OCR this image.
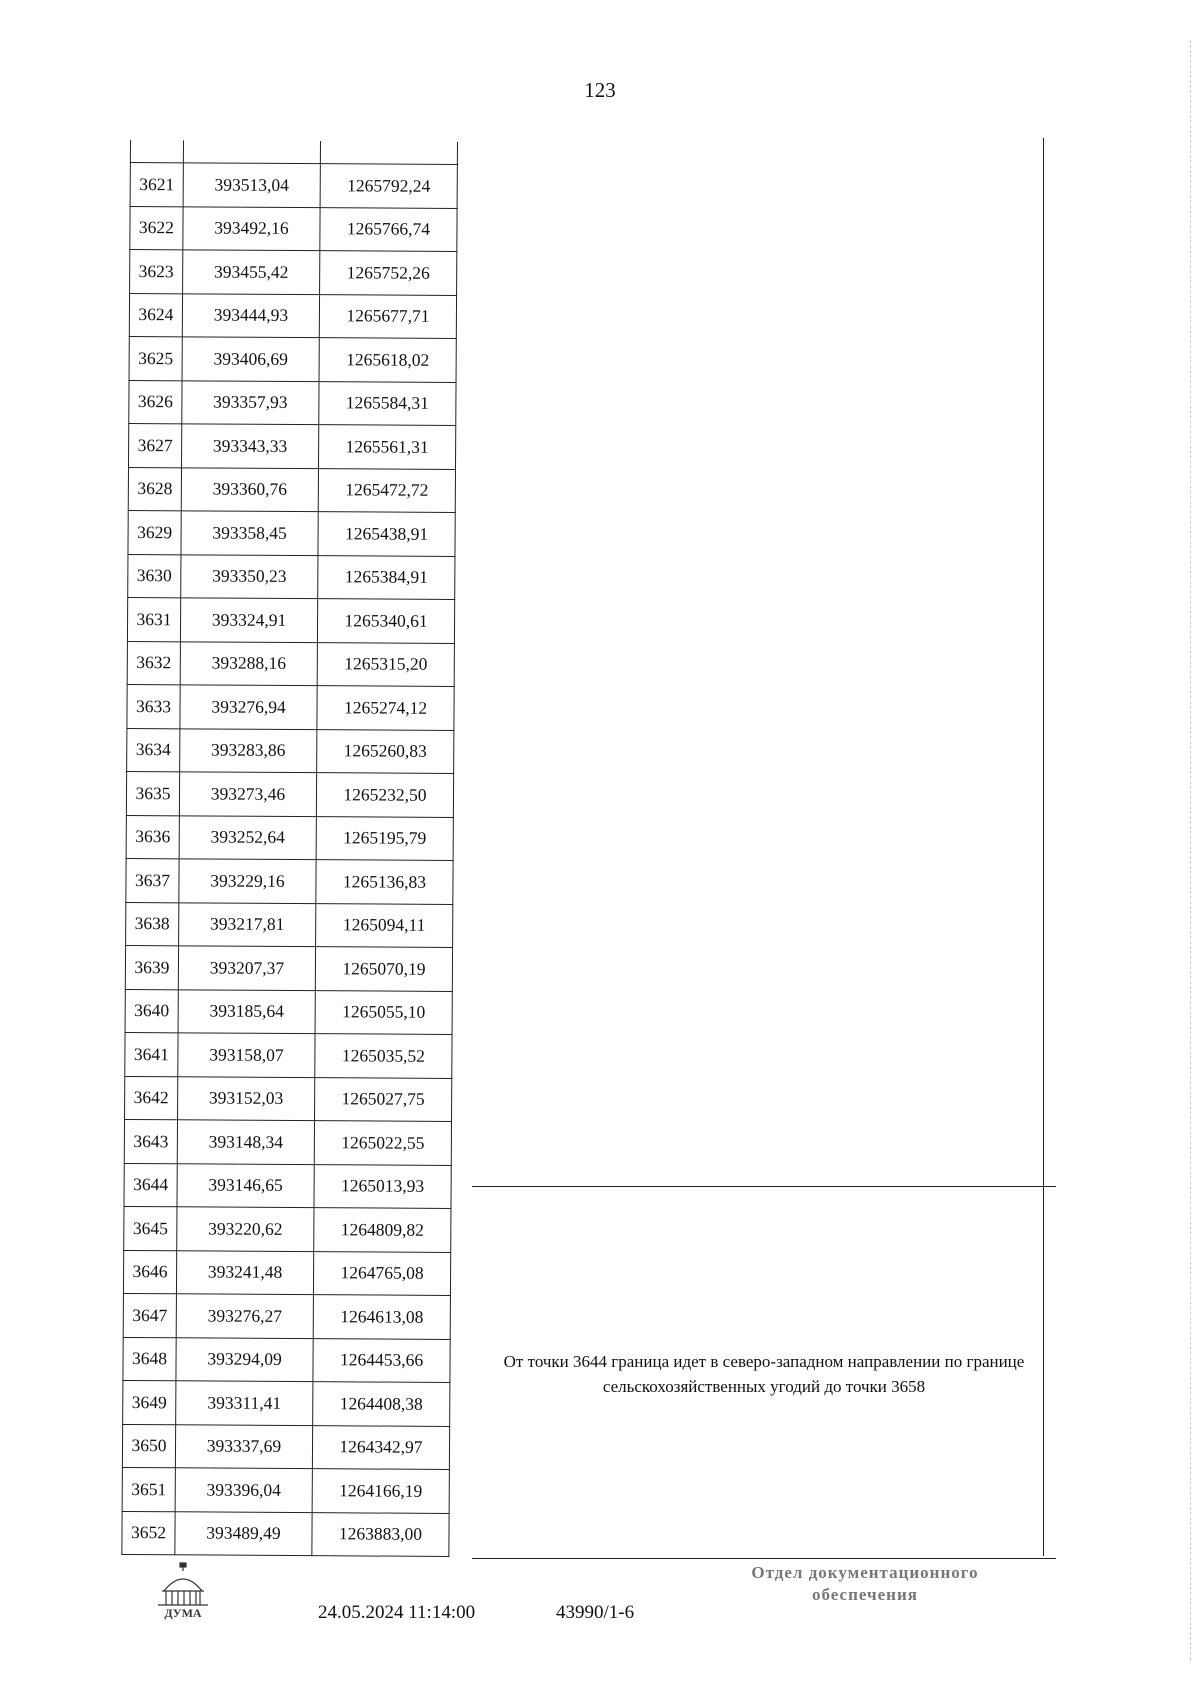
123

3621	393513,04	1265792,24
3622	393492,16	1265766,74
3623	393455,42	1265752,26
3624	393444,93	1265677,71
3625	393406,69	1265618,02
3626	393357,93	1265584,31
3627	393343,33	1265561,31
3628	393360,76	1265472,72
3629	393358,45	1265438,91
3630	393350,23	1265384,91
3631	393324,91	1265340,61
3632	393288,16	1265315,20
3633	393276,94	1265274,12
3634	393283,86	1265260,83
3635	393273,46	1265232,50
3636	393252,64	1265195,79
3637	393229,16	1265136,83
3638	393217,81	1265094,11
3639	393207,37	1265070,19
3640	393185,64	1265055,10
3641	393158,07	1265035,52
3642	393152,03	1265027,75
3643	393148,34	1265022,55
3644	393146,65	1265013,93
3645	393220,62	1264809,82
3646	393241,48	1264765,08
3647	393276,27	1264613,08
3648	393294,09	1264453,66
3649	393311,41	1264408,38
3650	393337,69	1264342,97
3651	393396,04	1264166,19
3652	393489,49	1263883,00
От точки 3644 граница идет в северо-западном направлении по границе сельскохозяйственных угодий до точки 3658
ДУМА	24.05.2024 11:14:00	43990/1-6
Отдел документационного
обеспечения
